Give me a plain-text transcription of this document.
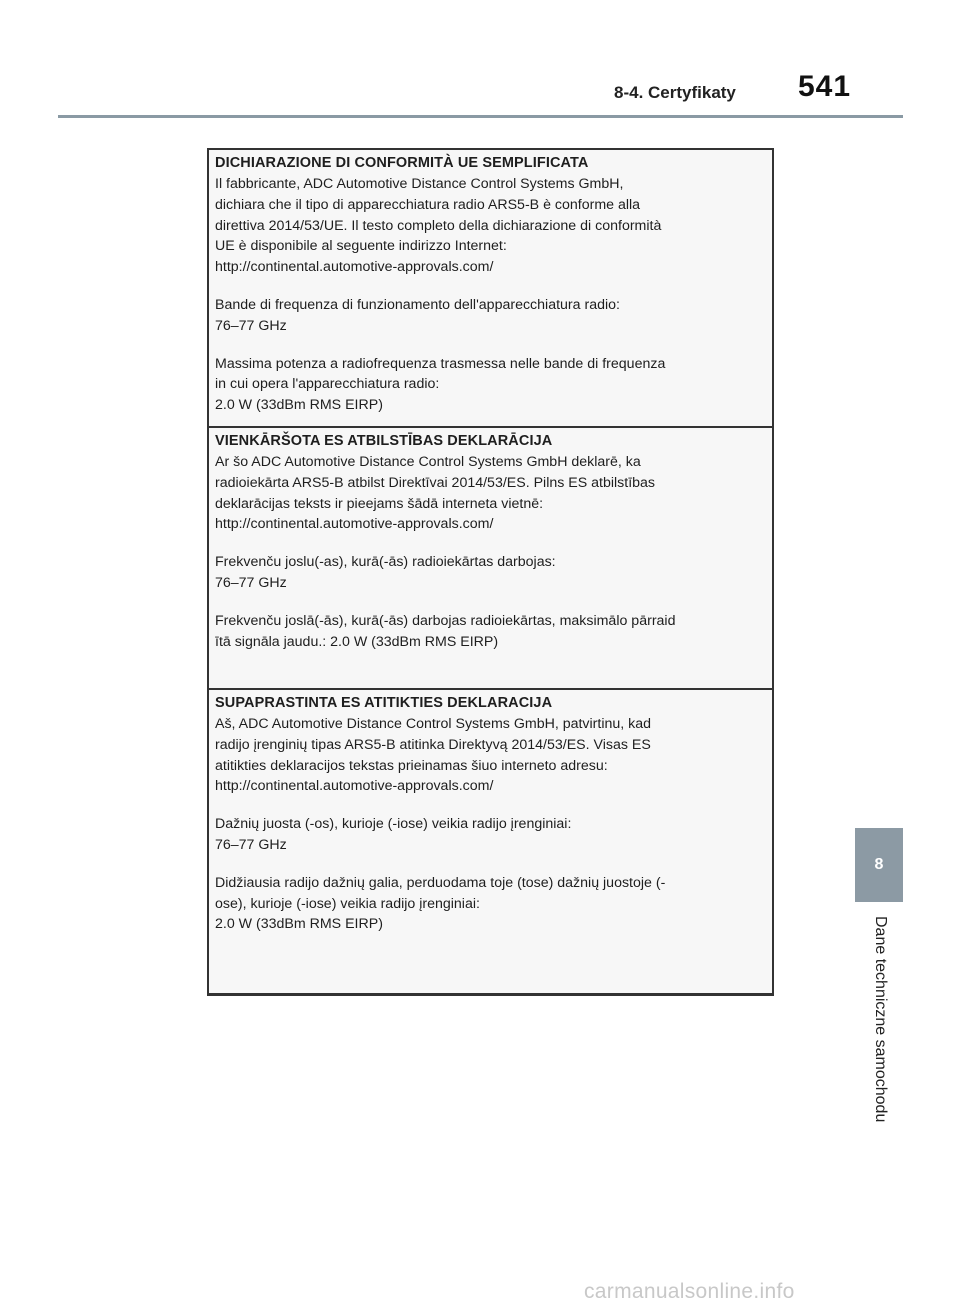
8-4. Certyfikaty 541

DICHIARAZIONE DI CONFORMITÀ UE SEMPLIFICATA

Il fabbricante, ADC Automotive Distance Control Systems GmbH,
dichiara che il tipo di apparecchiatura radio ARS5-B è conforme alla
direttiva 2014/53/UE. Il testo completo della dichiarazione di conformità
UE è disponibile al seguente indirizzo Internet:
http://continental.automotive-approvals.com/

Bande di frequenza di funzionamento dell'apparecchiatura radio:
76–77 GHz

Massima potenza a radiofrequenza trasmessa nelle bande di frequenza
in cui opera l'apparecchiatura radio:
2.0 W (33dBm RMS EIRP)

VIENKĀRŠOTA ES ATBILSTĪBAS DEKLARĀCIJA

Ar šo ADC Automotive Distance Control Systems GmbH deklarē, ka
radioiekārta ARS5-B atbilst Direktīvai 2014/53/ES. Pilns ES atbilstības
deklarācijas teksts ir pieejams šādā interneta vietnē:
http://continental.automotive-approvals.com/

Frekvenču joslu(-as), kurā(-ās) radioiekārtas darbojas:
76–77 GHz

Frekvenču joslā(-ās), kurā(-ās) darbojas radioiekārtas, maksimālo pārraid
ītā signāla jaudu.: 2.0 W (33dBm RMS EIRP)

SUPAPRASTINTA ES ATITIKTIES DEKLARACIJA

Aš, ADC Automotive Distance Control Systems GmbH, patvirtinu, kad
radijo įrenginių tipas ARS5-B atitinka Direktyvą 2014/53/ES. Visas ES
atitikties deklaracijos tekstas prieinamas šiuo interneto adresu:
http://continental.automotive-approvals.com/

Dažnių juosta (-os), kurioje (-iose) veikia radijo įrenginiai:
76–77 GHz

Didžiausia radijo dažnių galia, perduodama toje (tose) dažnių juostoje (-
ose), kurioje (-iose) veikia radijo įrenginiai:
2.0 W (33dBm RMS EIRP)

8
Dane techniczne samochodu
carmanualsonline.info
